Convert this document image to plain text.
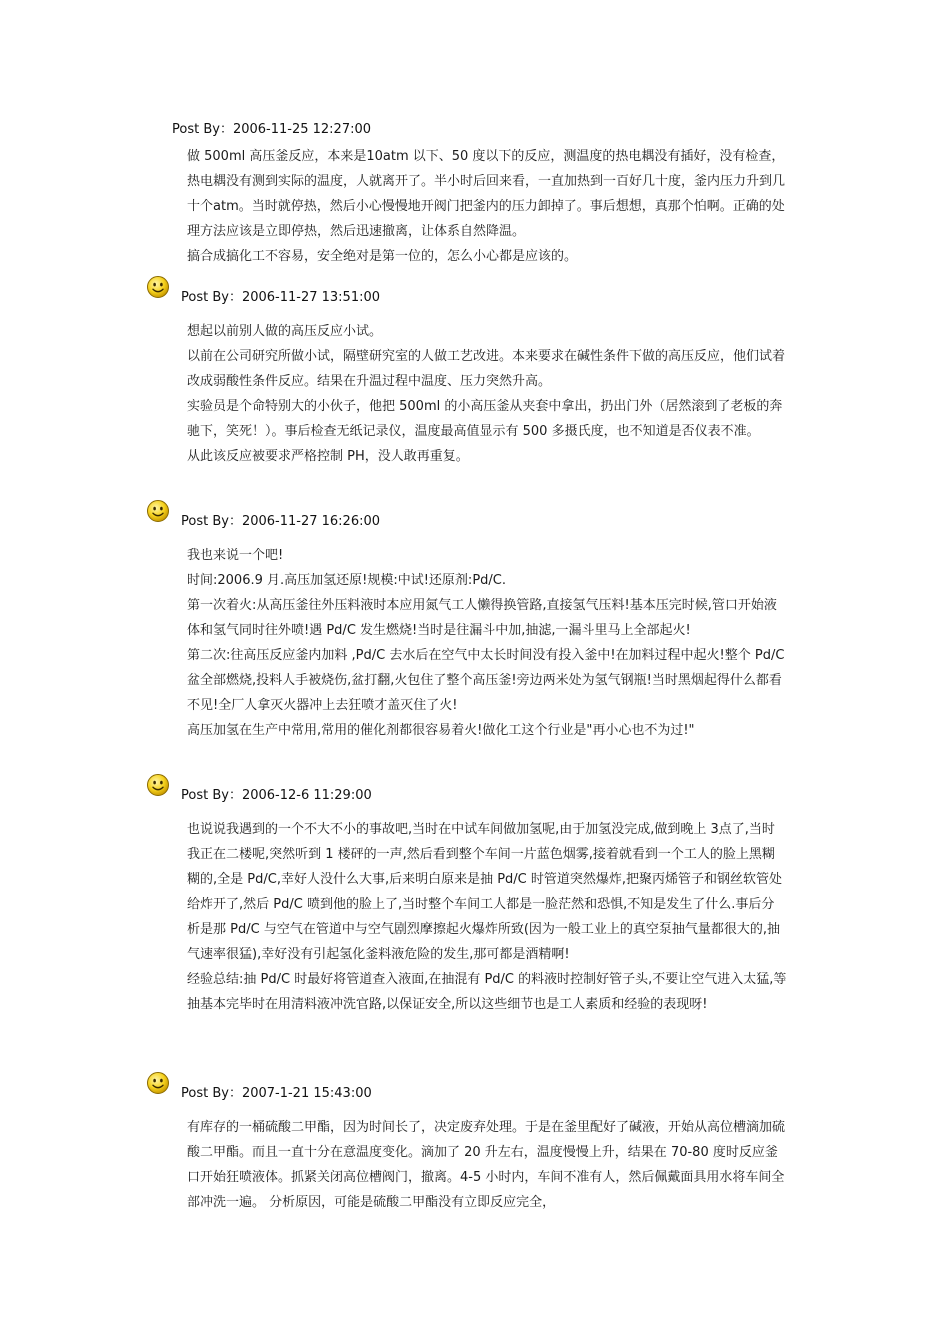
Post By：2006-11-25 12:27:00

做 500ml 高压釜反应，本来是10atm 以下、50 度以下的反应，测温度的热电耦没有插好，没有检查，热电耦没有测到实际的温度，人就离开了。半小时后回来看，一直加热到一百好几十度，釜内压力升到几十个atm。当时就停热，然后小心慢慢地开阀门把釜内的压力卸掉了。事后想想，真那个怕啊。正确的处理方法应该是立即停热，然后迅速撤离，让体系自然降温。

搞合成搞化工不容易，安全绝对是第一位的，怎么小心都是应该的。

Post By：2006-11-27 13:51:00

想起以前别人做的高压反应小试。

以前在公司研究所做小试，隔壁研究室的人做工艺改进。本来要求在碱性条件下做的高压反应，他们试着改成弱酸性条件反应。结果在升温过程中温度、压力突然升高。

实验员是个命特别大的小伙子，他把 500ml 的小高压釜从夹套中拿出，扔出门外（居然滚到了老板的奔驰下，笑死！）。事后检查无纸记录仪，温度最高值显示有 500 多摄氏度，也不知道是否仪表不准。

从此该反应被要求严格控制 PH，没人敢再重复。

Post By：2006-11-27 16:26:00

我也来说一个吧!

时间:2006.9 月.高压加氢还原!规模:中试!还原剂:Pd/C.

第一次着火:从高压釜往外压料液时本应用氮气工人懒得换管路,直接氢气压料!基本压完时候,管口开始液体和氢气同时往外喷!遇 Pd/C 发生燃烧!当时是往漏斗中加,抽滤,一漏斗里马上全部起火!

第二次:往高压反应釜内加料 ,Pd/C 去水后在空气中太长时间没有投入釜中!在加料过程中起火!整个 Pd/C 盆全部燃烧,投料人手被烧伤,盆打翻,火包住了整个高压釜!旁边两米处为氢气钢瓶!当时黑烟起得什么都看不见!全厂人拿灭火器冲上去狂喷才盖灭住了火!

高压加氢在生产中常用,常用的催化剂都很容易着火!做化工这个行业是"再小心也不为过!"

Post By：2006-12-6 11:29:00

也说说我遇到的一个不大不小的事故吧,当时在中试车间做加氢呢,由于加氢没完成,做到晚上 3点了,当时我正在二楼呢,突然听到 1 楼砰的一声,然后看到整个车间一片蓝色烟雾,接着就看到一个工人的脸上黑糊糊的,全是 Pd/C,幸好人没什么大事,后来明白原来是抽 Pd/C 时管道突然爆炸,把聚丙烯管子和钢丝软管处给炸开了,然后 Pd/C 喷到他的脸上了,当时整个车间工人都是一脸茫然和恐惧,不知是发生了什么.事后分析是那 Pd/C 与空气在管道中与空气剧烈摩擦起火爆炸所致(因为一般工业上的真空泵抽气量都很大的,抽气速率很猛),幸好没有引起氢化釜料液危险的发生,那可都是酒精啊!

经验总结:抽 Pd/C 时最好将管道查入液面,在抽混有 Pd/C 的料液时控制好管子头,不要让空气进入太猛,等抽基本完毕时在用清料液冲洗官路,以保证安全,所以这些细节也是工人素质和经验的表现呀!

Post By：2007-1-21 15:43:00

有库存的一桶硫酸二甲酯，因为时间长了，决定废弃处理。于是在釜里配好了碱液，开始从高位槽滴加硫酸二甲酯。而且一直十分在意温度变化。滴加了 20 升左右，温度慢慢上升，结果在 70-80 度时反应釜口开始狂喷液体。抓紧关闭高位槽阀门，撤离。4-5 小时内，车间不准有人，然后佩戴面具用水将车间全部冲洗一遍。 分析原因，可能是硫酸二甲酯没有立即反应完全，
